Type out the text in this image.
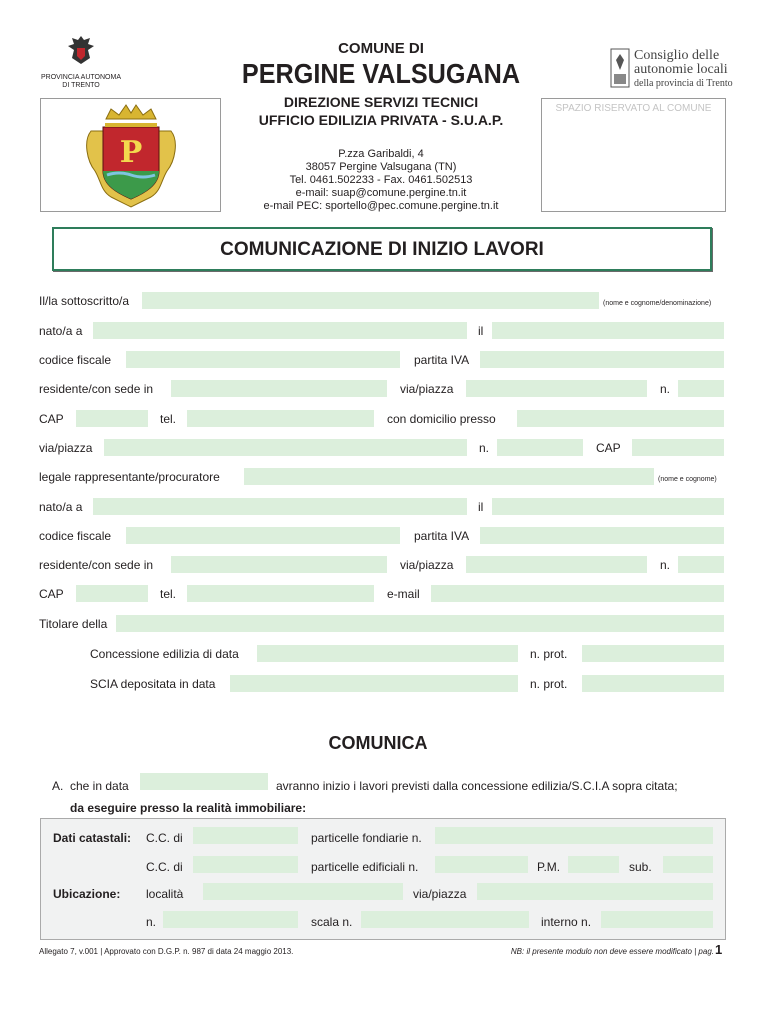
PROVINCIA AUTONOMA
DI TRENTO
P
COMUNE DI
PERGINE VALSUGANA
DIREZIONE SERVIZI TECNICI
UFFICIO EDILIZIA PRIVATA - S.U.A.P.
P.zza Garibaldi, 4
38057 Pergine Valsugana (TN)
Tel. 0461.502233 - Fax. 0461.502513
e-mail: suap@comune.pergine.tn.it
e-mail PEC: sportello@pec.comune.pergine.tn.it
Consiglio delle
autonomie locali
della provincia di Trento
SPAZIO RISERVATO AL COMUNE
COMUNICAZIONE DI INIZIO LAVORI
Il/la sottoscritto/a	(nome e cognome/denominazione)
nato/a a	il
codice fiscale	partita IVA
residente/con sede in	via/piazza	n.
CAP	tel.	con domicilio presso
via/piazza	n.	CAP
legale rappresentante/procuratore	(nome e cognome)
nato/a a	il
codice fiscale	partita IVA
residente/con sede in	via/piazza	n.
CAP	tel.	e-mail
Titolare della
Concessione edilizia di data	n. prot.
SCIA depositata in data	n. prot.
COMUNICA
A. che in data	avranno inizio i lavori previsti dalla concessione edilizia/S.C.I.A sopra citata;
da eseguire presso la realità immobiliare:
Dati catastali: C.C. di	particelle fondiarie n.
C.C. di	particelle edificiali n.	P.M.	sub.
Ubicazione: località	via/piazza
n.	scala n.	interno n.
Allegato 7, v.001 | Approvato con D.G.P. n. 987 di data 24 maggio 2013.	NB: il presente modulo non deve essere modificato | pag. 1
